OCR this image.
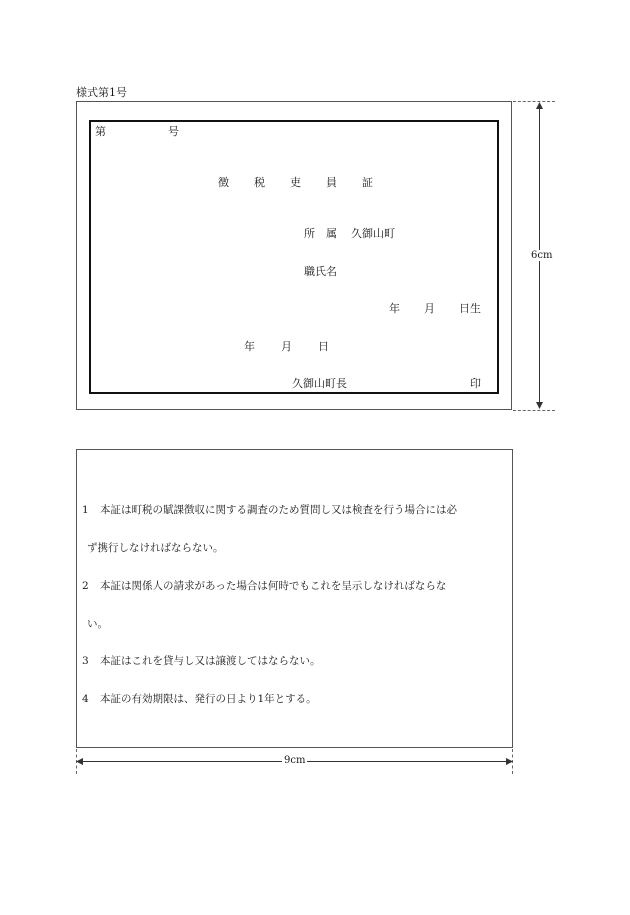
様式第1号
第	号
徴 税 吏 員 証
所　属 久御山町
職氏名
年 月 日生
年 月 日
久御山町長	印
6cm
1 本証は町税の賦課徴収に関する調査のため質問し又は検査を行う場合には必
ず携行しなければならない。
2 本証は関係人の請求があった場合は何時でもこれを呈示しなければならな
い。
3 本証はこれを貸与し又は譲渡してはならない。
4 本証の有効期限は、発行の日より1年とする。
9cm
